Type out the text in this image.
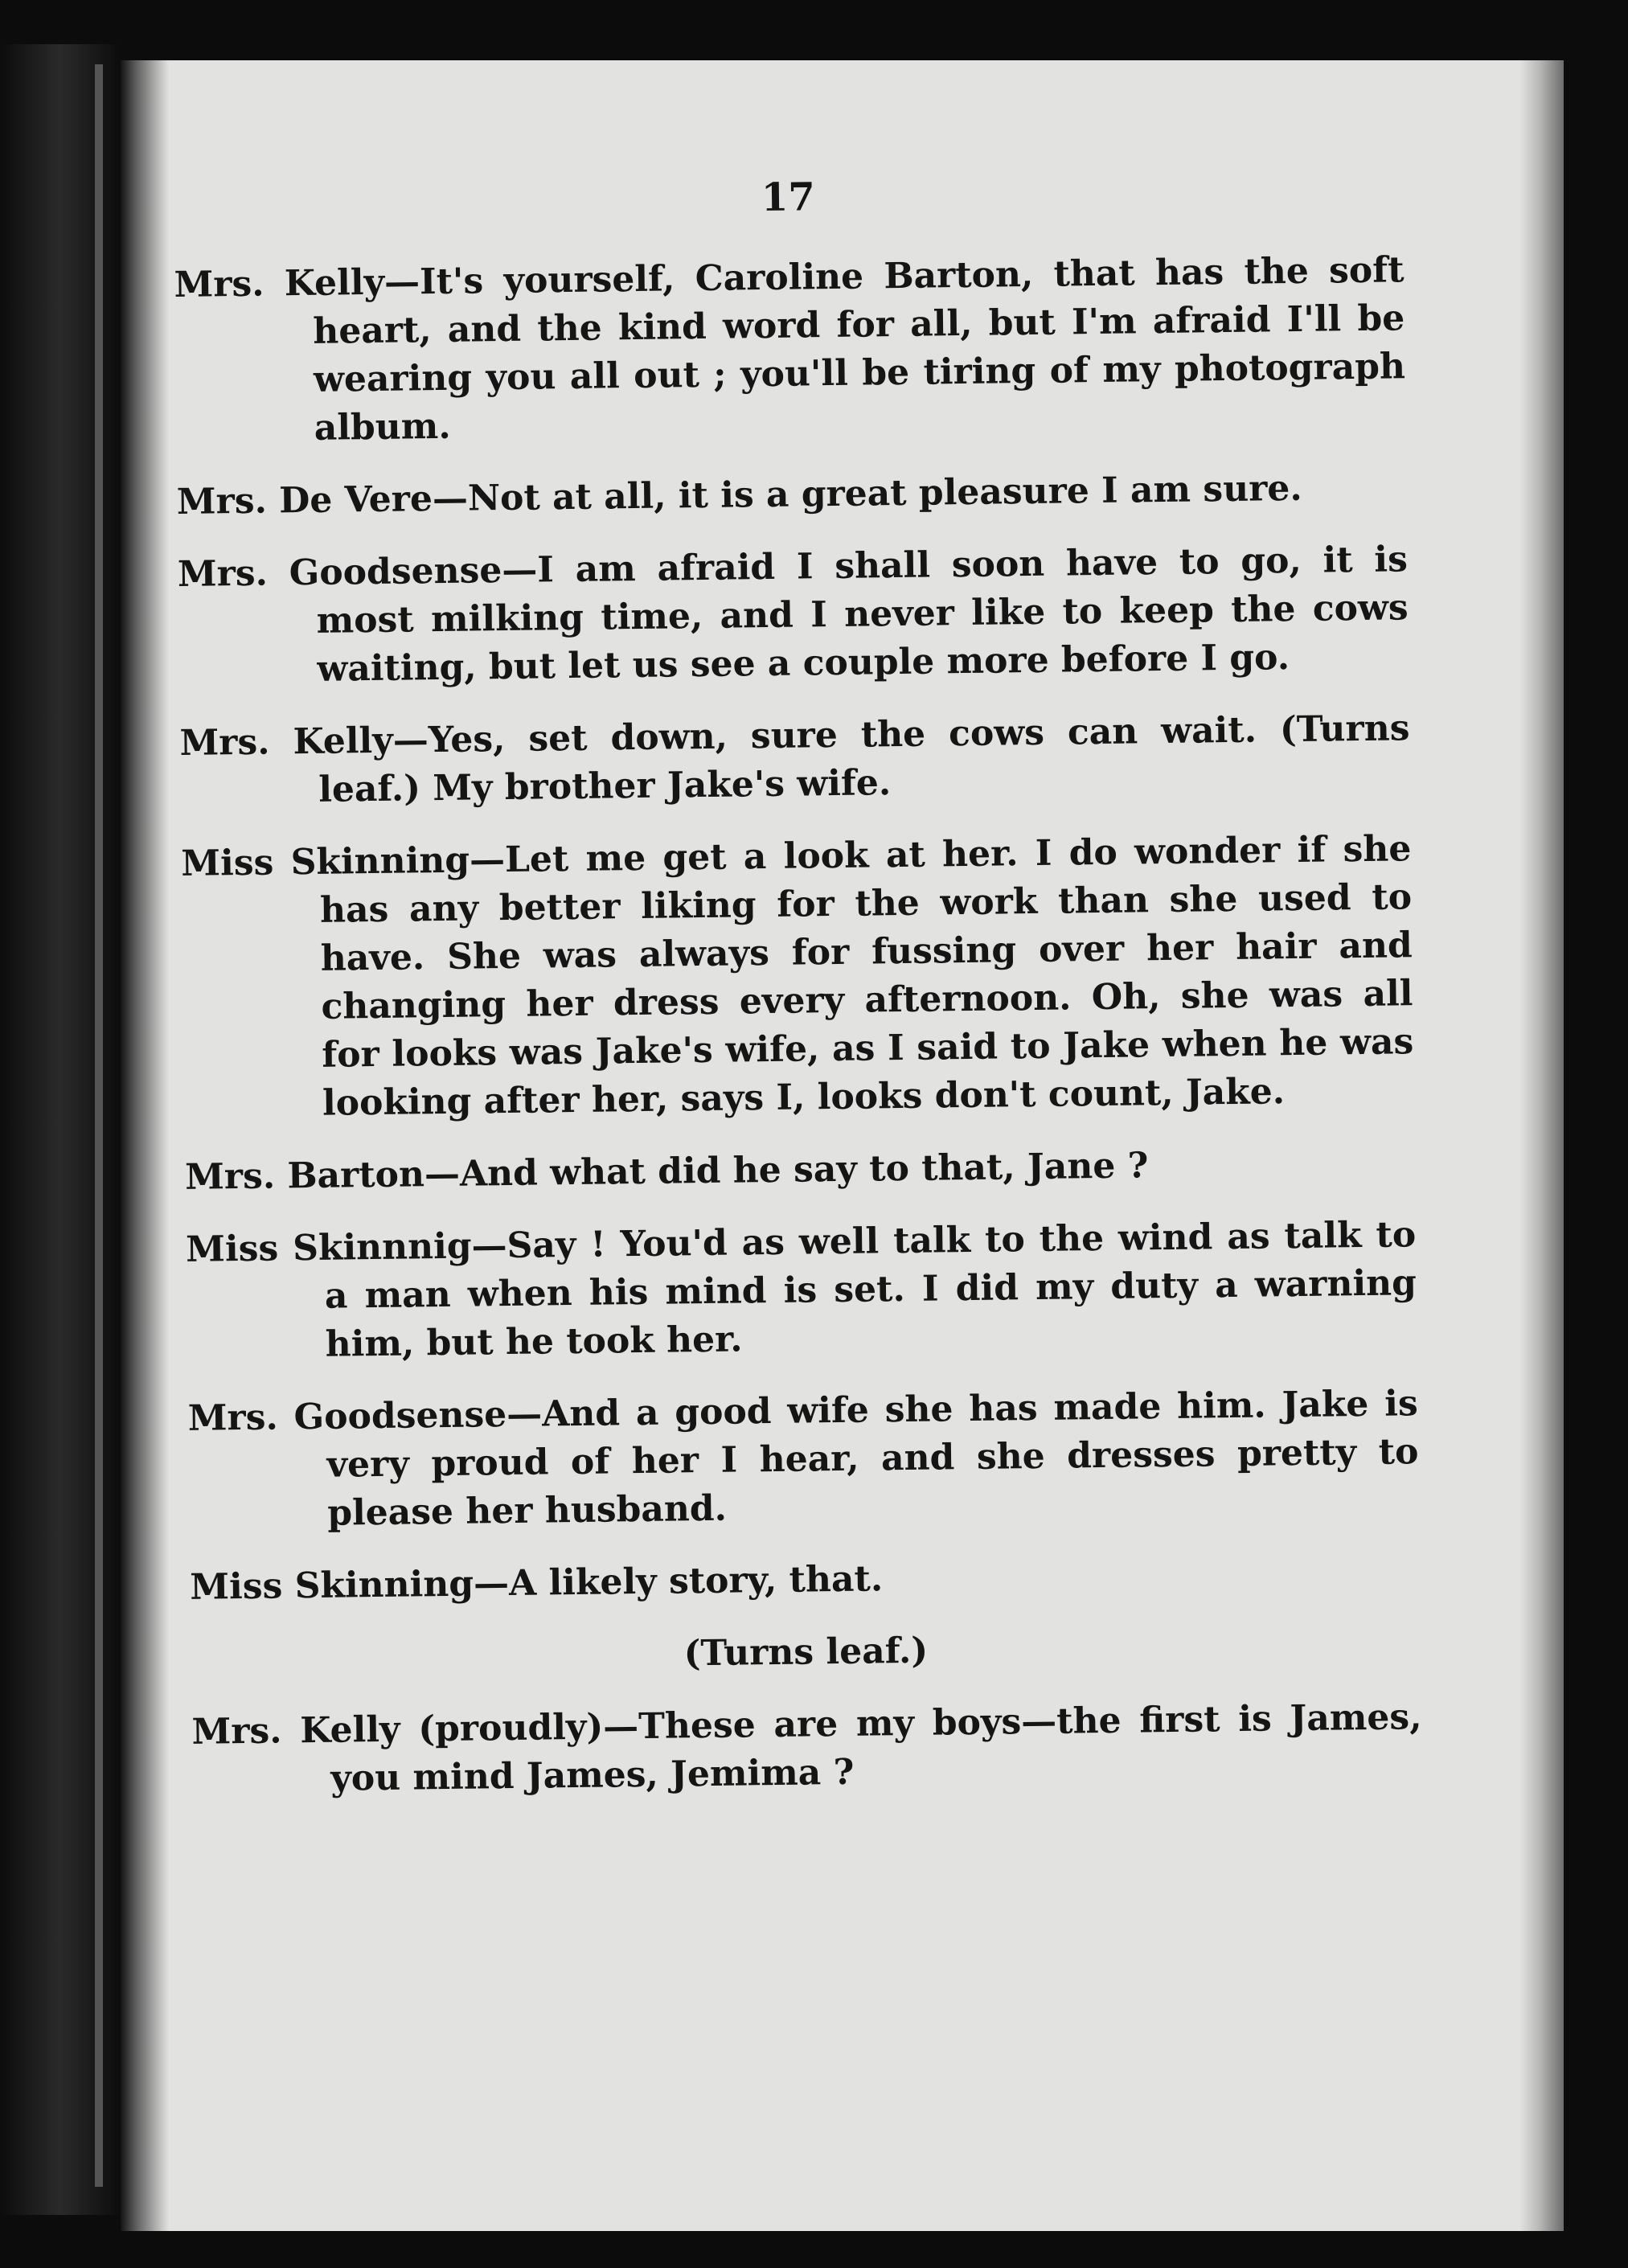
17

Mrs. Kelly—It's yourself, Caroline Barton, that has the soft heart, and the kind word for all, but I'm afraid I'll be wearing you all out ; you'll be tiring of my photograph album.

Mrs. De Vere—Not at all, it is a great pleasure I am sure.

Mrs. Goodsense—I am afraid I shall soon have to go, it is most milking time, and I never like to keep the cows waiting, but let us see a couple more before I go.

Mrs. Kelly—Yes, set down, sure the cows can wait. (Turns leaf.) My brother Jake's wife.

Miss Skinning—Let me get a look at her. I do wonder if she has any better liking for the work than she used to have. She was always for fussing over her hair and changing her dress every afternoon. Oh, she was all for looks was Jake's wife, as I said to Jake when he was looking after her, says I, looks don't count, Jake.

Mrs. Barton—And what did he say to that, Jane ?

Miss Skinnnig—Say ! You'd as well talk to the wind as talk to a man when his mind is set. I did my duty a warning him, but he took her.

Mrs. Goodsense—And a good wife she has made him. Jake is very proud of her I hear, and she dresses pretty to please her husband.

Miss Skinning—A likely story, that.

(Turns leaf.)

Mrs. Kelly (proudly)—These are my boys—the first is James, you mind James, Jemima ?
